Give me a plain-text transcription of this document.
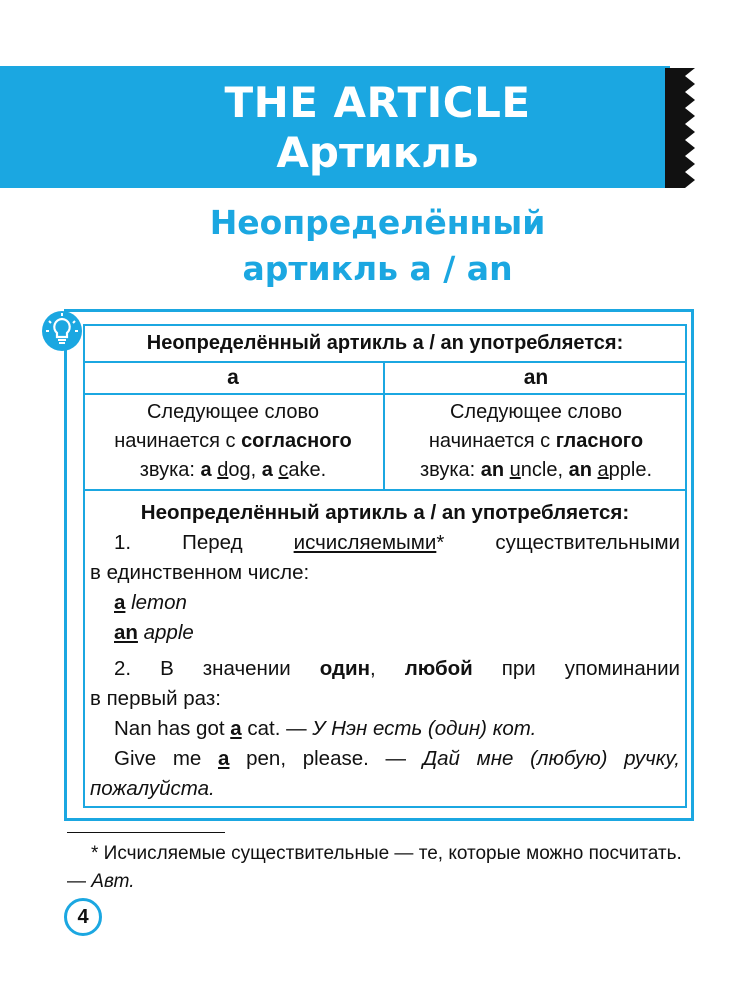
THE ARTICLE
Артикль
Неопределённый
артикль a / an
Неопределённый артикль a / an употребляется:
a	an
Следующее слово
начинается с согласного
звука: a dog, a cake.
Следующее слово
начинается с гласного
звука: an uncle, an apple.
Неопределённый артикль a / an употребляется:
1. Перед исчисляемыми* существительными
в единственном числе:
a lemon
an apple
2. В значении один, любой при упоминании
в первый раз:
Nan has got a cat. — У Нэн есть (один) кот.
Give me a pen, please. — Дай мне (любую) ручку,
пожалуйста.
* Исчисляемые существительные — те, которые можно посчитать. — Авт.
4
